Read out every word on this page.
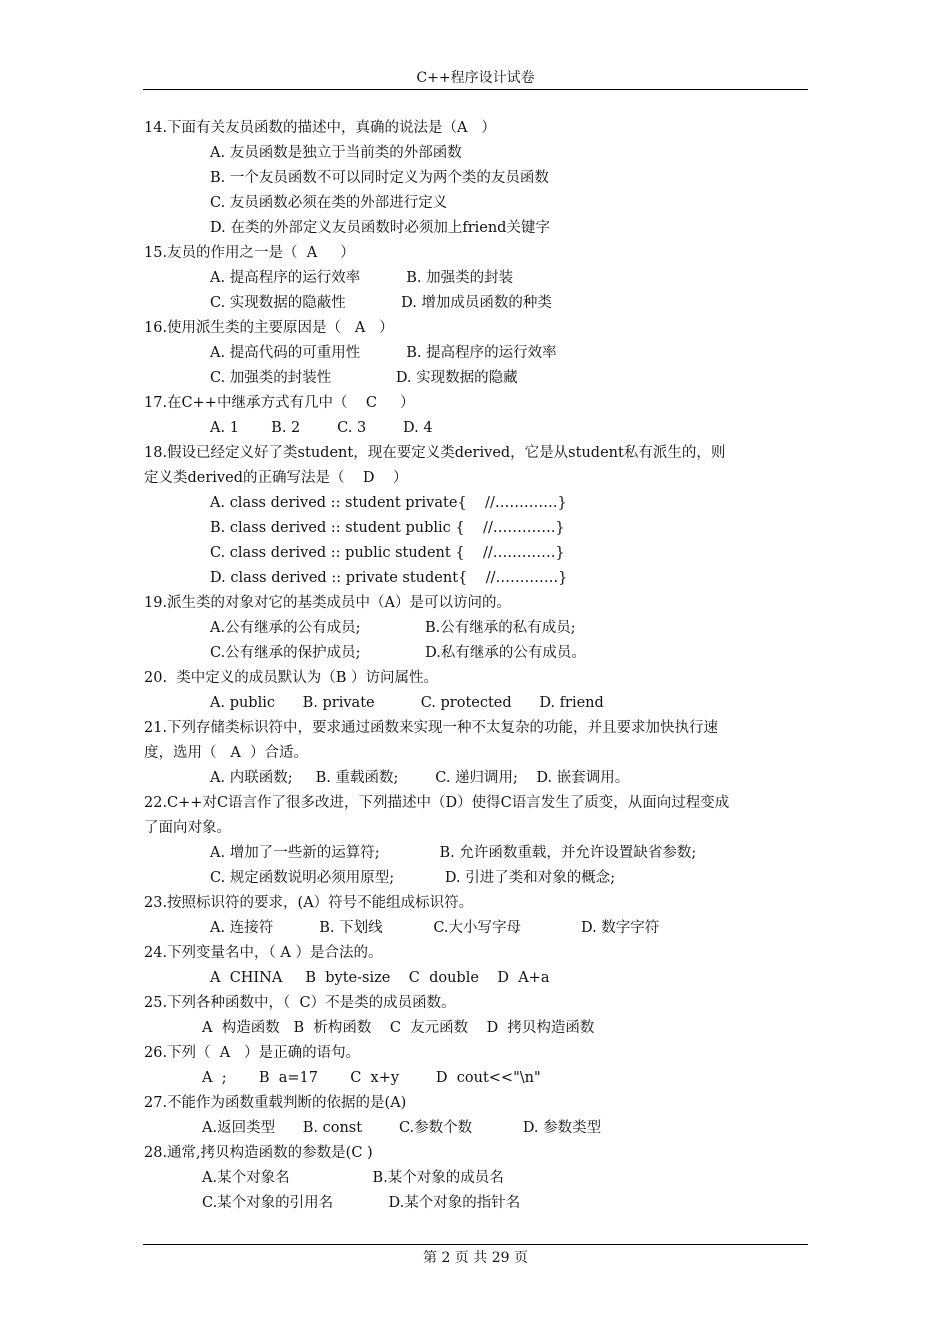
C++程序设计试卷
14.下面有关友员函数的描述中，真确的说法是（A   ）
A. 友员函数是独立于当前类的外部函数
B. 一个友员函数不可以同时定义为两个类的友员函数
C. 友员函数必须在类的外部进行定义
D. 在类的外部定义友员函数时必须加上friend关键字
15.友员的作用之一是（  A     ）
A. 提高程序的运行效率          B. 加强类的封装
C. 实现数据的隐蔽性            D. 增加成员函数的种类
16.使用派生类的主要原因是（   A   ）
A. 提高代码的可重用性          B. 提高程序的运行效率
C. 加强类的封装性              D. 实现数据的隐藏
17.在C++中继承方式有几中（    C     ）
A. 1       B. 2        C. 3        D. 4
18.假设已经定义好了类student，现在要定义类derived，它是从student私有派生的，则
定义类derived的正确写法是（    D    ）
A. class derived :: student private{    //………….}
B. class derived :: student public {    //………….}
C. class derived :: public student {    //………….}
D. class derived :: private student{    //………….}
19.派生类的对象对它的基类成员中（A）是可以访问的。
A.公有继承的公有成员;              B.公有继承的私有成员;
C.公有继承的保护成员;              D.私有继承的公有成员。
20.  类中定义的成员默认为（B ）访问属性。
A. public      B. private          C. protected      D. friend
21.下列存储类标识符中，要求通过函数来实现一种不太复杂的功能，并且要求加快执行速
度，选用（   A  ）合适。
A. 内联函数;     B. 重载函数;        C. 递归调用;    D. 嵌套调用。
22.C++对C语言作了很多改进，下列描述中（D）使得C语言发生了质变，从面向过程变成
了面向对象。
A. 增加了一些新的运算符;             B. 允许函数重载，并允许设置缺省参数;
C. 规定函数说明必须用原型;           D. 引进了类和对象的概念;
23.按照标识符的要求，(A）符号不能组成标识符。
A. 连接符          B. 下划线           C.大小写字母             D. 数字字符
24.下列变量名中，（ A ）是合法的。
A  CHINA     B  byte-size    C  double    D  A+a
25.下列各种函数中，（  C）不是类的成员函数。
A  构造函数   B  析构函数    C  友元函数    D  拷贝构造函数
26.下列（  A   ）是正确的语句。
A  ;       B  a=17       C  x+y        D  cout<<"\n"
27.不能作为函数重载判断的依据的是(A)
A.返回类型      B. const        C.参数个数           D. 参数类型
28.通常,拷贝构造函数的参数是(C )
A.某个对象名                  B.某个对象的成员名
C.某个对象的引用名            D.某个对象的指针名
第 2 页 共 29 页
